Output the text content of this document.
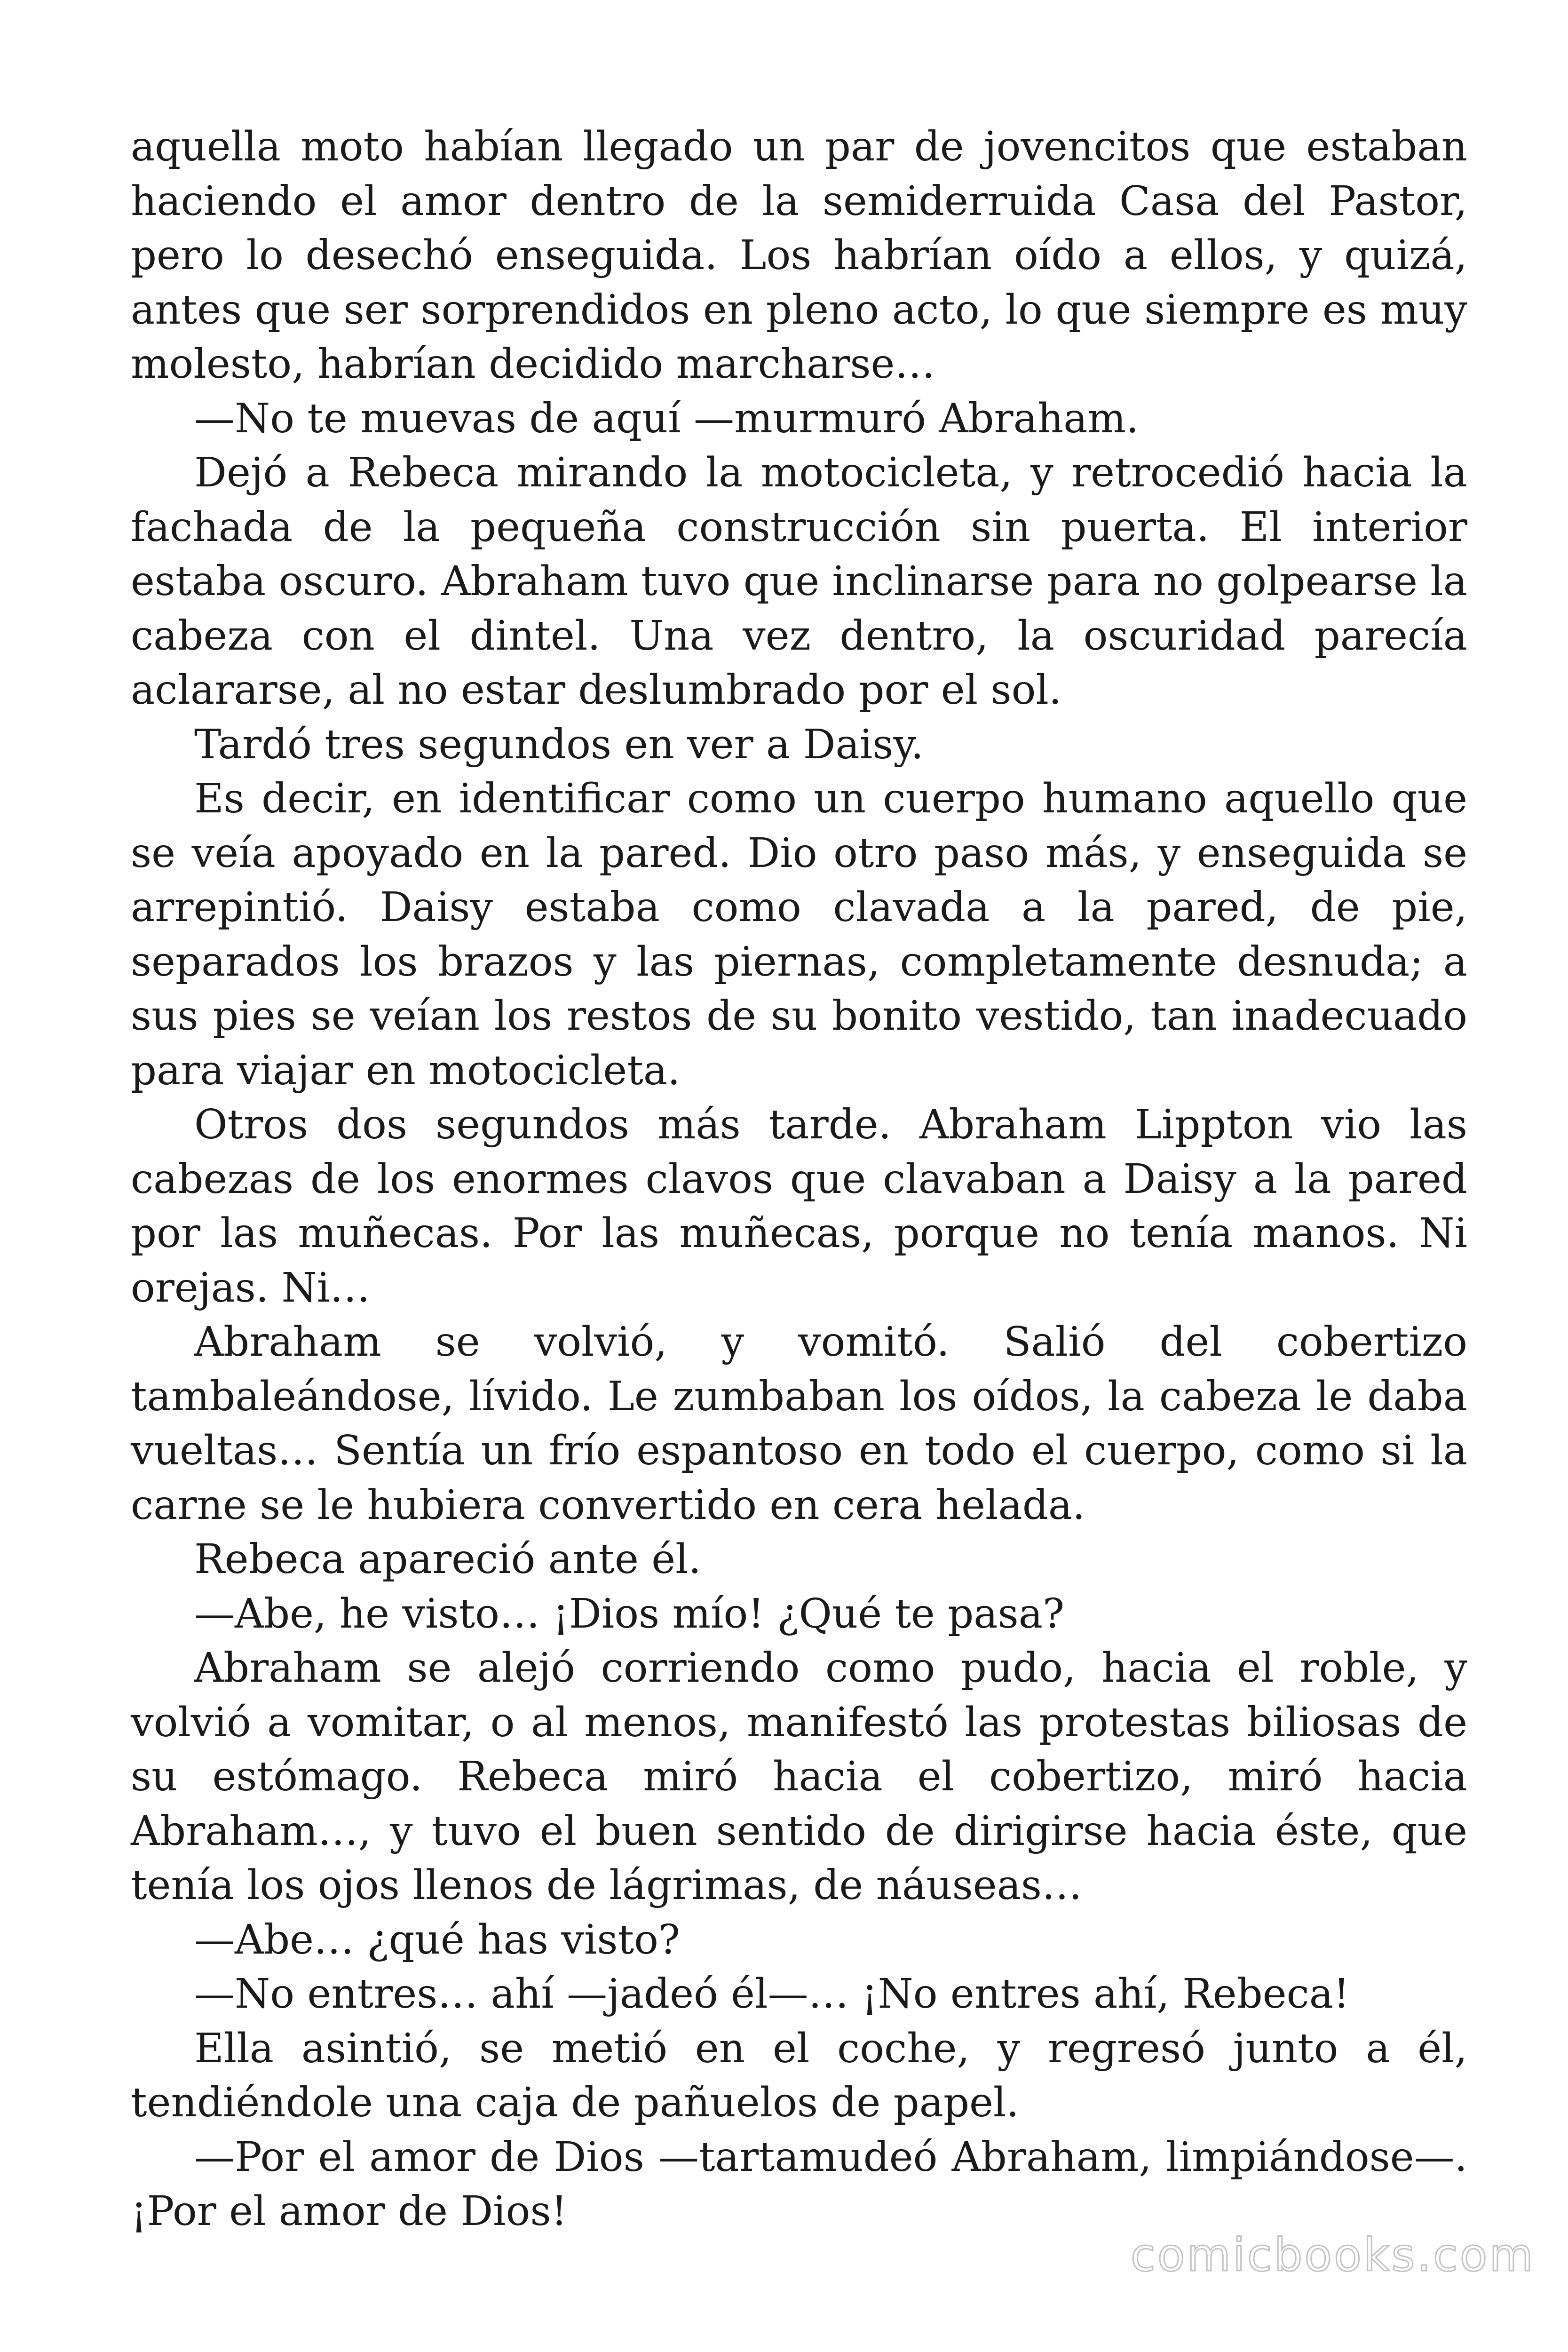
aquella moto habían llegado un par de jovencitos que estaban haciendo el amor dentro de la semiderruida Casa del Pastor, pero lo desechó enseguida. Los habrían oído a ellos, y quizá, antes que ser sorprendidos en pleno acto, lo que siempre es muy molesto, habrían decidido marcharse…

—No te muevas de aquí —murmuró Abraham.

Dejó a Rebeca mirando la motocicleta, y retrocedió hacia la fachada de la pequeña construcción sin puerta. El interior estaba oscuro. Abraham tuvo que inclinarse para no golpearse la cabeza con el dintel. Una vez dentro, la oscuridad parecía aclararse, al no estar deslumbrado por el sol.

Tardó tres segundos en ver a Daisy.

Es decir, en identificar como un cuerpo humano aquello que se veía apoyado en la pared. Dio otro paso más, y enseguida se arrepintió. Daisy estaba como clavada a la pared, de pie, separados los brazos y las piernas, completamente desnuda; a sus pies se veían los restos de su bonito vestido, tan inadecuado para viajar en motocicleta.

Otros dos segundos más tarde. Abraham Lippton vio las cabezas de los enormes clavos que clavaban a Daisy a la pared por las muñecas. Por las muñecas, porque no tenía manos. Ni orejas. Ni…

Abraham se volvió, y vomitó. Salió del cobertizo tambaleándose, lívido. Le zumbaban los oídos, la cabeza le daba vueltas… Sentía un frío espantoso en todo el cuerpo, como si la carne se le hubiera convertido en cera helada.

Rebeca apareció ante él.

—Abe, he visto… ¡Dios mío! ¿Qué te pasa?

Abraham se alejó corriendo como pudo, hacia el roble, y volvió a vomitar, o al menos, manifestó las protestas biliosas de su estómago. Rebeca miró hacia el cobertizo, miró hacia Abraham…, y tuvo el buen sentido de dirigirse hacia éste, que tenía los ojos llenos de lágrimas, de náuseas…

—Abe… ¿qué has visto?

—No entres… ahí —jadeó él—… ¡No entres ahí, Rebeca!

Ella asintió, se metió en el coche, y regresó junto a él, tendiéndole una caja de pañuelos de papel.

—Por el amor de Dios —tartamudeó Abraham, limpiándose—. ¡Por el amor de Dios!

comicbooks.com
